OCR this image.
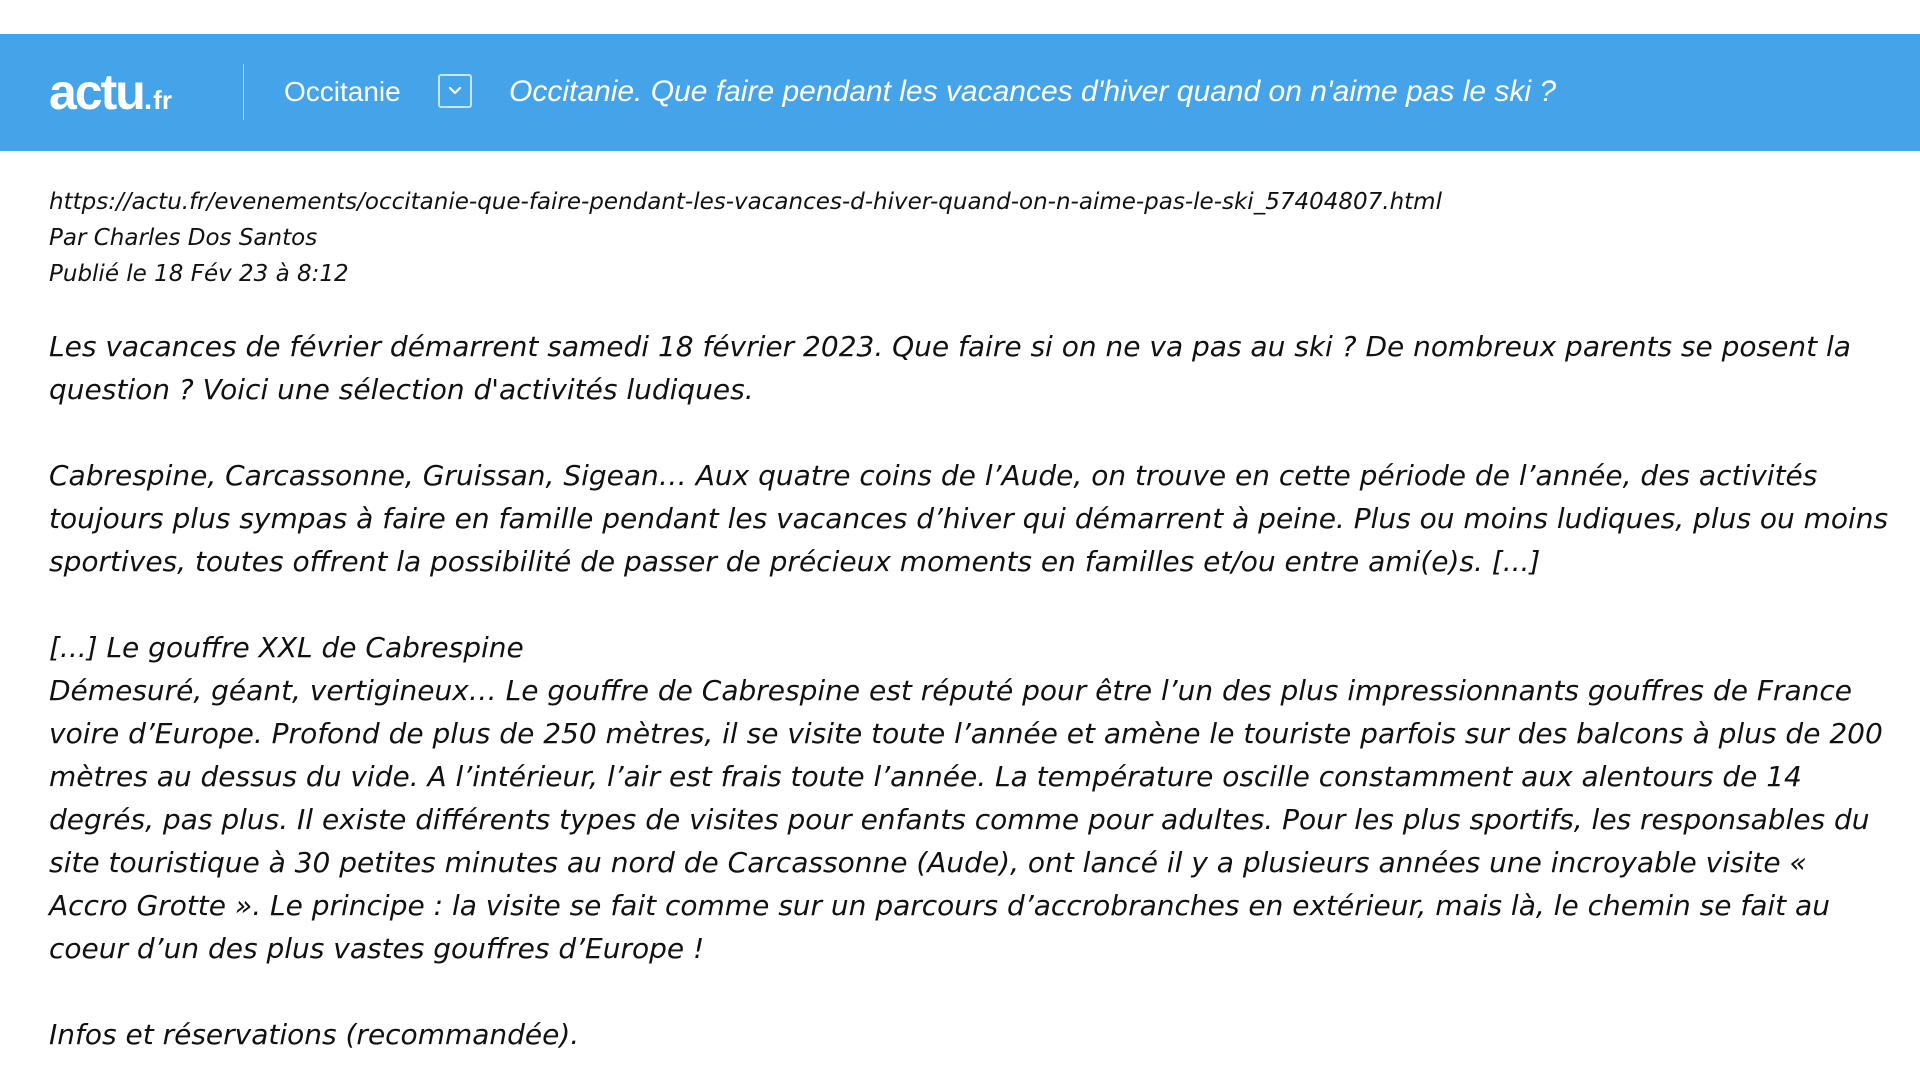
actu . fr	Occitanie	Occitanie. Que faire pendant les vacances d'hiver quand on n'aime pas le ski ?
https://actu.fr/evenements/occitanie-que-faire-pendant-les-vacances-d-hiver-quand-on-n-aime-pas-le-ski_57404807.html
Par Charles Dos Santos
Publié le 18 Fév 23 à 8:12

Les vacances de février démarrent samedi 18 février 2023. Que faire si on ne va pas au ski ? De nombreux parents se posent la question ? Voici une sélection d'activités ludiques.

Cabrespine, Carcassonne, Gruissan, Sigean… Aux quatre coins de l’Aude, on trouve en cette période de l’année, des activités toujours plus sympas à faire en famille pendant les vacances d’hiver qui démarrent à peine. Plus ou moins ludiques, plus ou moins sportives, toutes offrent la possibilité de passer de précieux moments en familles et/ou entre ami(e)s. [...]

[...] Le gouffre XXL de Cabrespine

Démesuré, géant, vertigineux… Le gouffre de Cabrespine est réputé pour être l’un des plus impressionnants gouffres de France voire d’Europe. Profond de plus de 250 mètres, il se visite toute l’année et amène le touriste parfois sur des balcons à plus de 200 mètres au dessus du vide. A l’intérieur, l’air est frais toute l’année. La température oscille constamment aux alentours de 14 degrés, pas plus. Il existe différents types de visites pour enfants comme pour adultes. Pour les plus sportifs, les responsables du site touristique à 30 petites minutes au nord de Carcassonne (Aude), ont lancé il y a plusieurs années une incroyable visite « Accro Grotte ». Le principe : la visite se fait comme sur un parcours d’accrobranches en extérieur, mais là, le chemin se fait au coeur d’un des plus vastes gouffres d’Europe !

Infos et réservations (recommandée).
